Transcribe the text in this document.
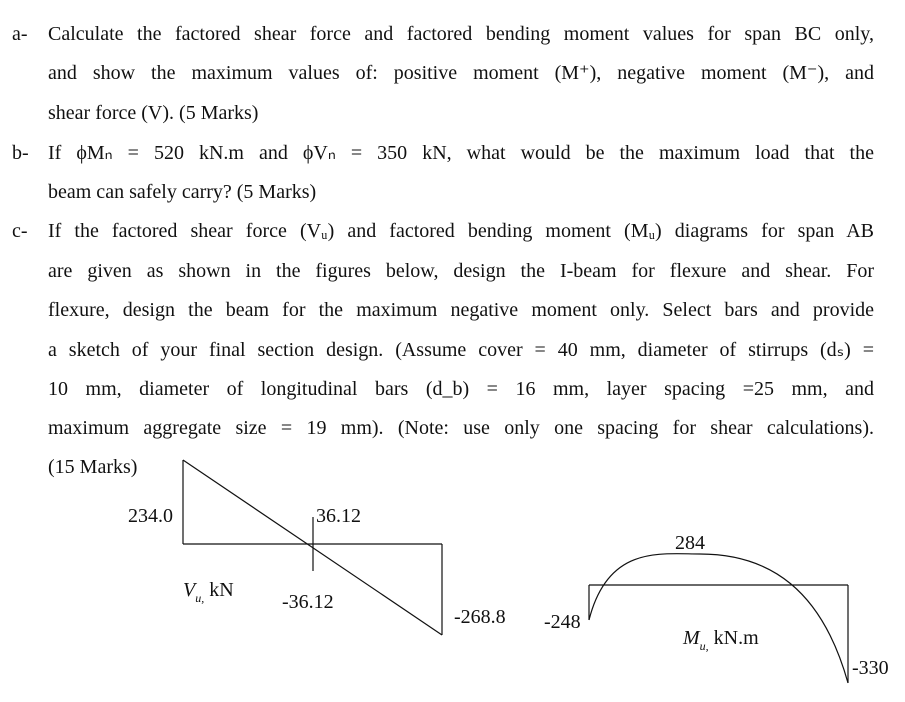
a- Calculate the factored shear force and factored bending moment values for span BC only,
and show the maximum values of: positive moment (M⁺), negative moment (M⁻), and
shear force (V). (5 Marks)
b- If ϕMₙ = 520 kN.m and ϕVₙ = 350 kN, what would be the maximum load that the
beam can safely carry? (5 Marks)
c- If the factored shear force (Vᵤ) and factored bending moment (Mᵤ) diagrams for span AB
are given as shown in the figures below, design the I-beam for flexure and shear. For
flexure, design the beam for the maximum negative moment only. Select bars and provide
a sketch of your final section design. (Assume cover = 40 mm, diameter of stirrups (dₛ) =
10 mm, diameter of longitudinal bars (d_b) = 16 mm, layer spacing =25 mm, and
maximum aggregate size = 19 mm). (Note: use only one spacing for shear calculations).
(15 Marks)
234.0	36.12
-36.12
-268.8
$V_{u,}$ kN
284
-248
-330
$M_{u,}$ kN.m
